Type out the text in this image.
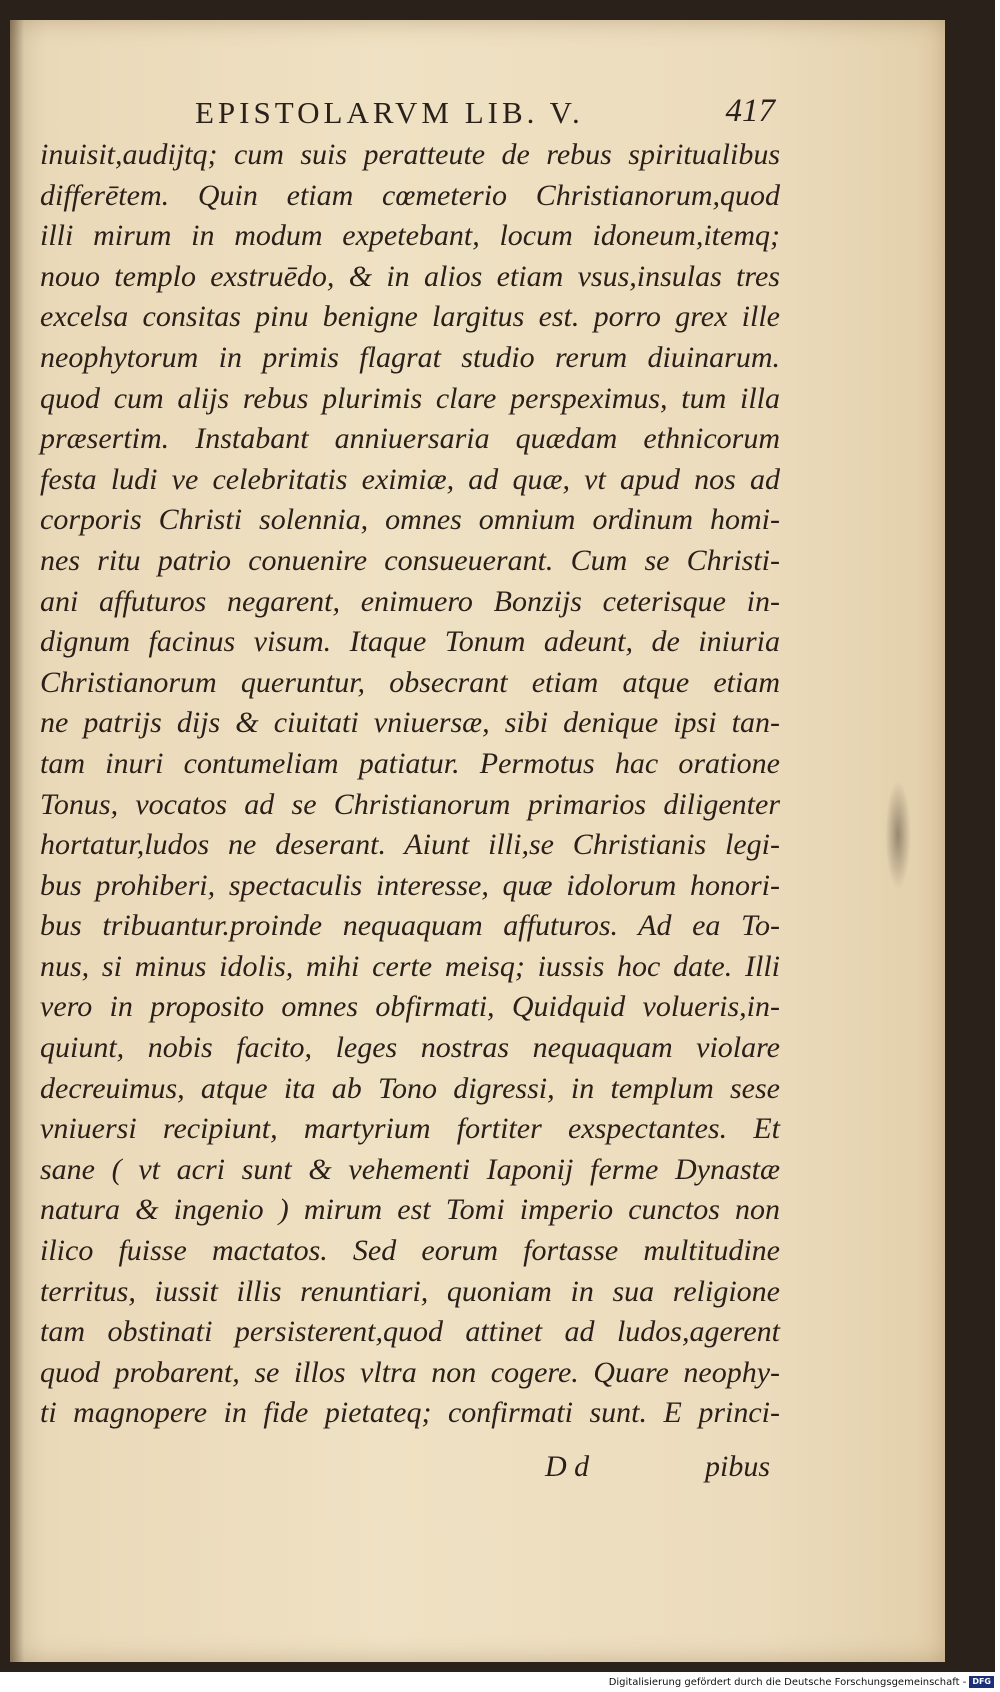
EPISTOLARVM LIB. V.	417
inuisit,audijtq; cum suis peratteute de rebus spiritualibus
differētem. Quin etiam cœmeterio Christianorum,quod
illi mirum in modum expetebant, locum idoneum,itemq;
nouo templo exstruēdo, & in alios etiam vsus,insulas tres
excelsa consitas pinu benigne largitus est. porro grex ille
neophytorum in primis flagrat studio rerum diuinarum.
quod cum alijs rebus plurimis clare perspeximus, tum illa
præsertim. Instabant anniuersaria quædam ethnicorum
festa ludi ve celebritatis eximiæ, ad quæ, vt apud nos ad
corporis Christi solennia, omnes omnium ordinum homi-
nes ritu patrio conuenire consueuerant. Cum se Christi-
ani affuturos negarent, enimuero Bonzijs ceterisque in-
dignum facinus visum. Itaque Tonum adeunt, de iniuria
Christianorum queruntur, obsecrant etiam atque etiam
ne patrijs dijs & ciuitati vniuersæ, sibi denique ipsi tan-
tam inuri contumeliam patiatur. Permotus hac oratione
Tonus, vocatos ad se Christianorum primarios diligenter
hortatur,ludos ne deserant. Aiunt illi,se Christianis legi-
bus prohiberi, spectaculis interesse, quæ idolorum honori-
bus tribuantur.proinde nequaquam affuturos. Ad ea To-
nus, si minus idolis, mihi certe meisq; iussis hoc date. Illi
vero in proposito omnes obfirmati, Quidquid volueris,in-
quiunt, nobis facito, leges nostras nequaquam violare
decreuimus, atque ita ab Tono digressi, in templum sese
vniuersi recipiunt, martyrium fortiter exspectantes. Et
sane ( vt acri sunt & vehementi Iaponij ferme Dynastæ
natura & ingenio ) mirum est Tomi imperio cunctos non
ilico fuisse mactatos. Sed eorum fortasse multitudine
territus, iussit illis renuntiari, quoniam in sua religione
tam obstinati persisterent,quod attinet ad ludos,agerent
quod probarent, se illos vltra non cogere. Quare neophy-
ti magnopere in fide pietateq; confirmati sunt. E princi-
D d	pibus
Digitalisierung gefördert durch die Deutsche Forschungsgemeinschaft - DFG
